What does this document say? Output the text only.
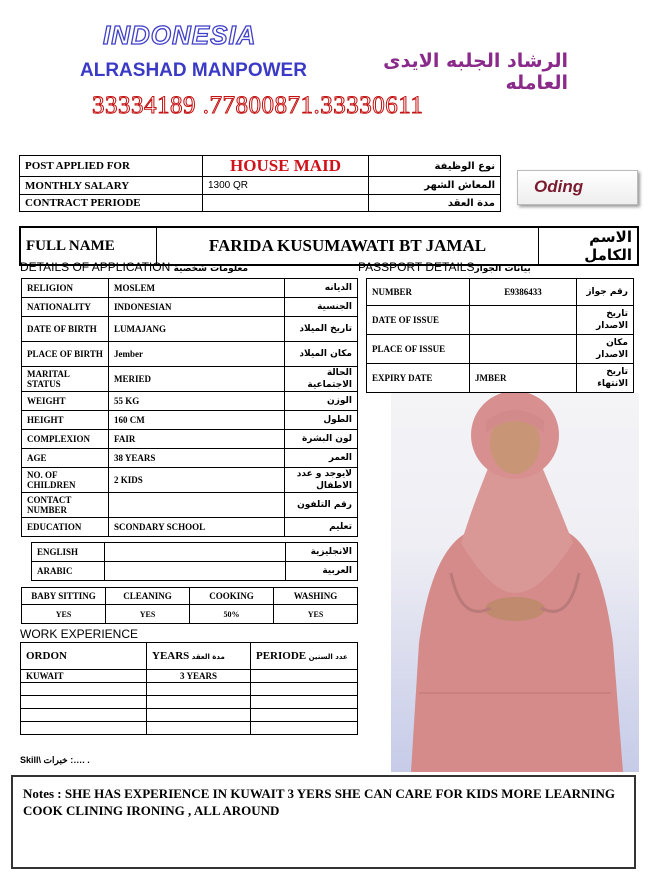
INDONESIA
ALRASHAD MANPOWER	الرشاد الجلبه الايدى العامله
33334189 .77800871.33330611
POST APPLIED FOR	HOUSE MAID	نوع الوظيفة
MONTHLY SALARY	1300 QR	المعاش الشهر
CONTRACT PERIODE		مدة العقد
Oding
FULL NAME	FARIDA KUSUMAWATI BT JAMAL	الاسم الكامل
DETAILS OF APPLICATION معلومات شخصية	PASSPORT DETAILSبيانات الجواز
RELIGION	MOSLEM	الديانه
NATIONALITY	INDONESIAN	الجنسية
DATE OF BIRTH	LUMAJANG	تاريخ الميلاد
PLACE OF BIRTH	Jember	مكان الميلاد
MARITAL STATUS	MERIED	الحالة الاجتماعية
WEIGHT	55 KG	الوزن
HEIGHT	160 CM	الطول
COMPLEXION	FAIR	لون البشرة
AGE	38 YEARS	العمر
NO. OF CHILDREN	2 KIDS	لايوجد و عدد الاطفال
CONTACT NUMBER		رقم التلفون
EDUCATION	SCONDARY SCHOOL	تعليم
ENGLISH		الانجليزية
ARABIC		العربية
NUMBER	E9386433	رقم جواز
DATE OF ISSUE		تاريخ الاصدار
PLACE OF ISSUE		مكان الاصدار
EXPIRY DATE	JMBER	تاريخ الانتهاء
BABY SITTING	CLEANING	COOKING	WASHING
YES	YES	50%	YES
WORK EXPERIENCE
ORDON	YEARS مدة العقد	PERIODE عدد السنين
KUWAIT	3 YEARS	

Skill\ خبرات :…. .
Notes : SHE HAS EXPERIENCE IN KUWAIT 3 YERS SHE CAN CARE FOR KIDS MORE LEARNING COOK CLINING IRONING , ALL AROUND
